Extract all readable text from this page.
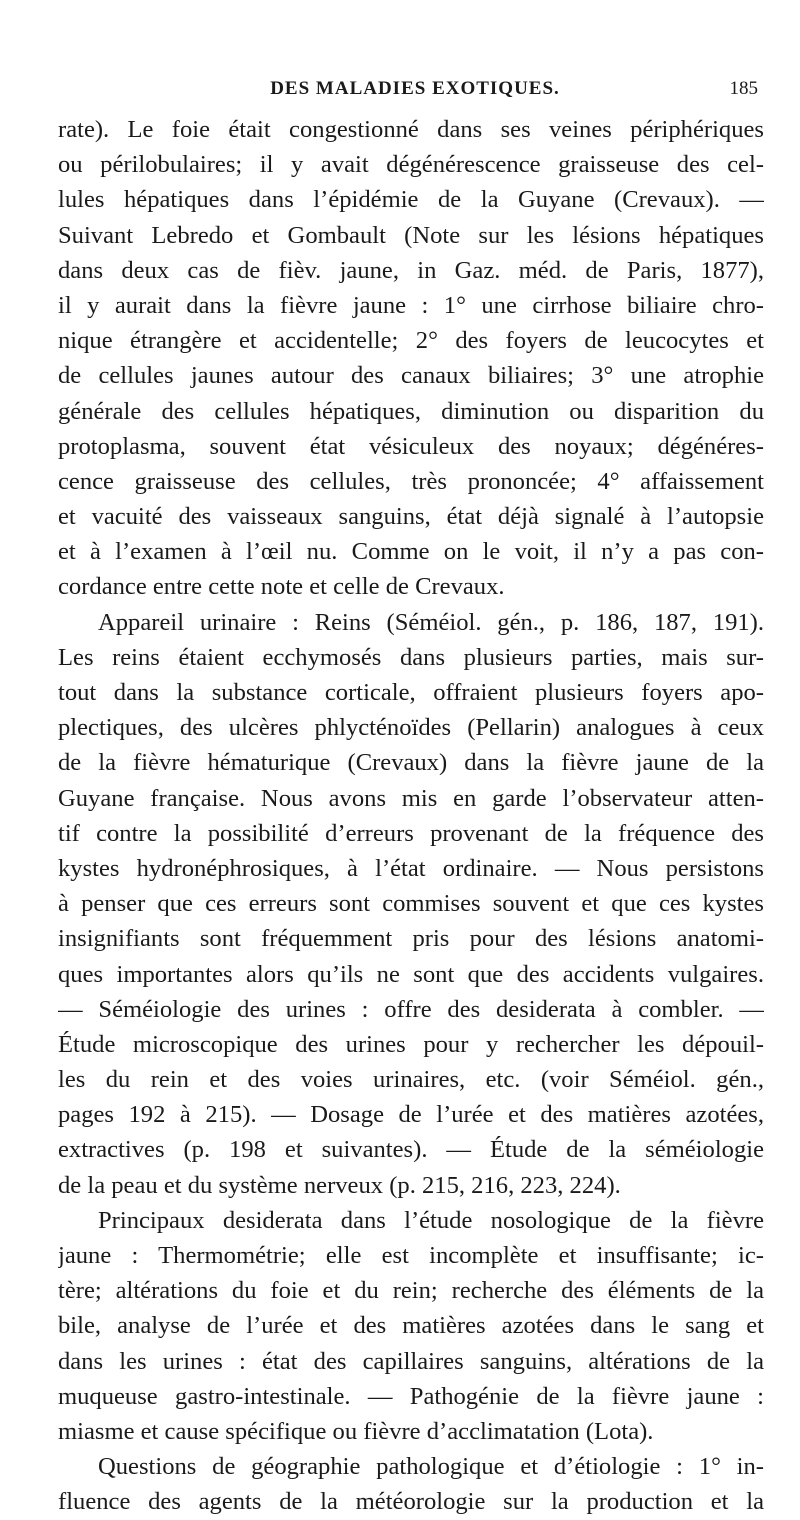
DES MALADIES EXOTIQUES.	185
rate). Le foie était congestionné dans ses veines périphériques
ou périlobulaires; il y avait dégénérescence graisseuse des cel-
lules hépatiques dans l’épidémie de la Guyane (Crevaux). —
Suivant Lebredo et Gombault (Note sur les lésions hépatiques
dans deux cas de fièv. jaune, in Gaz. méd. de Paris, 1877),
il y aurait dans la fièvre jaune : 1° une cirrhose biliaire chro-
nique étrangère et accidentelle; 2° des foyers de leucocytes et
de cellules jaunes autour des canaux biliaires; 3° une atrophie
générale des cellules hépatiques, diminution ou disparition du
protoplasma, souvent état vésiculeux des noyaux; dégénéres-
cence graisseuse des cellules, très prononcée; 4° affaissement
et vacuité des vaisseaux sanguins, état déjà signalé à l’autopsie
et à l’examen à l’œil nu. Comme on le voit, il n’y a pas con-
cordance entre cette note et celle de Crevaux.
Appareil urinaire : Reins (Séméiol. gén., p. 186, 187, 191).
Les reins étaient ecchymosés dans plusieurs parties, mais sur-
tout dans la substance corticale, offraient plusieurs foyers apo-
plectiques, des ulcères phlycténoïdes (Pellarin) analogues à ceux
de la fièvre hématurique (Crevaux) dans la fièvre jaune de la
Guyane française. Nous avons mis en garde l’observateur atten-
tif contre la possibilité d’erreurs provenant de la fréquence des
kystes hydronéphrosiques, à l’état ordinaire. — Nous persistons
à penser que ces erreurs sont commises souvent et que ces kystes
insignifiants sont fréquemment pris pour des lésions anatomi-
ques importantes alors qu’ils ne sont que des accidents vulgaires.
— Séméiologie des urines : offre des desiderata à combler. —
Étude microscopique des urines pour y rechercher les dépouil-
les du rein et des voies urinaires, etc. (voir Séméiol. gén.,
pages 192 à 215). — Dosage de l’urée et des matières azotées,
extractives (p. 198 et suivantes). — Étude de la séméiologie
de la peau et du système nerveux (p. 215, 216, 223, 224).
Principaux desiderata dans l’étude nosologique de la fièvre
jaune : Thermométrie; elle est incomplète et insuffisante; ic-
tère; altérations du foie et du rein; recherche des éléments de la
bile, analyse de l’urée et des matières azotées dans le sang et
dans les urines : état des capillaires sanguins, altérations de la
muqueuse gastro-intestinale. — Pathogénie de la fièvre jaune :
miasme et cause spécifique ou fièvre d’acclimatation (Lota).
Questions de géographie pathologique et d’étiologie : 1° in-
fluence des agents de la météorologie sur la production et la
